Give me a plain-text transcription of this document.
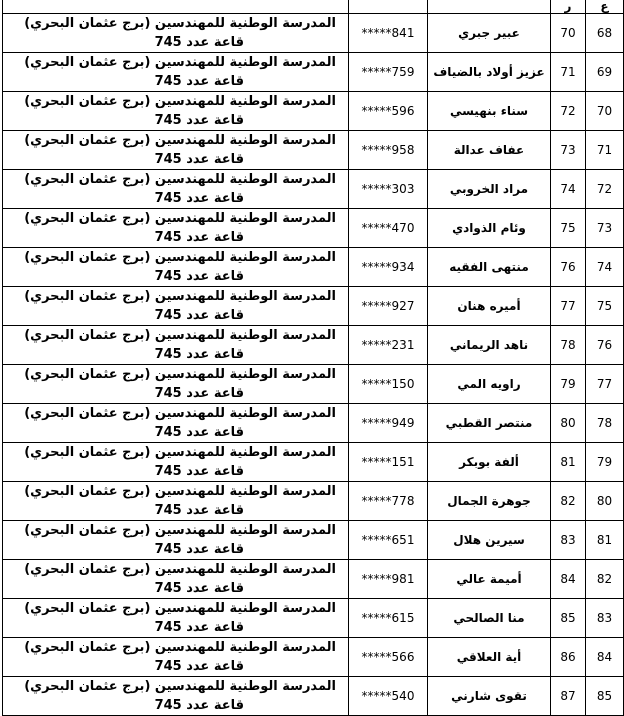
ع	ر			
68	70	عبير جبري	841*****	المدرسة الوطنية للمهندسين (برج عثمان البحري)
قاعة عدد 745

69	71	عزيز أولاد بالضياف	759*****	المدرسة الوطنية للمهندسين (برج عثمان البحري)
قاعة عدد 745

70	72	سناء بنهيسي	596*****	المدرسة الوطنية للمهندسين (برج عثمان البحري)
قاعة عدد 745

71	73	عفاف عدالة	958*****	المدرسة الوطنية للمهندسين (برج عثمان البحري)
قاعة عدد 745

72	74	مراد الخروبي	303*****	المدرسة الوطنية للمهندسين (برج عثمان البحري)
قاعة عدد 745

73	75	وئام الذوادي	470*****	المدرسة الوطنية للمهندسين (برج عثمان البحري)
قاعة عدد 745

74	76	منتهى الفقيه	934*****	المدرسة الوطنية للمهندسين (برج عثمان البحري)
قاعة عدد 745

75	77	أميره هنان	927*****	المدرسة الوطنية للمهندسين (برج عثمان البحري)
قاعة عدد 745

76	78	ناهد الريماني	231*****	المدرسة الوطنية للمهندسين (برج عثمان البحري)
قاعة عدد 745

77	79	راويه المي	150*****	المدرسة الوطنية للمهندسين (برج عثمان البحري)
قاعة عدد 745

78	80	منتصر القطبي	949*****	المدرسة الوطنية للمهندسين (برج عثمان البحري)
قاعة عدد 745

79	81	ألفة بوبكر	151*****	المدرسة الوطنية للمهندسين (برج عثمان البحري)
قاعة عدد 745

80	82	جوهرة الجمال	778*****	المدرسة الوطنية للمهندسين (برج عثمان البحري)
قاعة عدد 745

81	83	سيرين هلال	651*****	المدرسة الوطنية للمهندسين (برج عثمان البحري)
قاعة عدد 745

82	84	أميمة عالي	981*****	المدرسة الوطنية للمهندسين (برج عثمان البحري)
قاعة عدد 745

83	85	منا الصالحي	615*****	المدرسة الوطنية للمهندسين (برج عثمان البحري)
قاعة عدد 745

84	86	أية العلاقي	566*****	المدرسة الوطنية للمهندسين (برج عثمان البحري)
قاعة عدد 745

85	87	تقوى شارني	540*****	المدرسة الوطنية للمهندسين (برج عثمان البحري)
قاعة عدد 745
